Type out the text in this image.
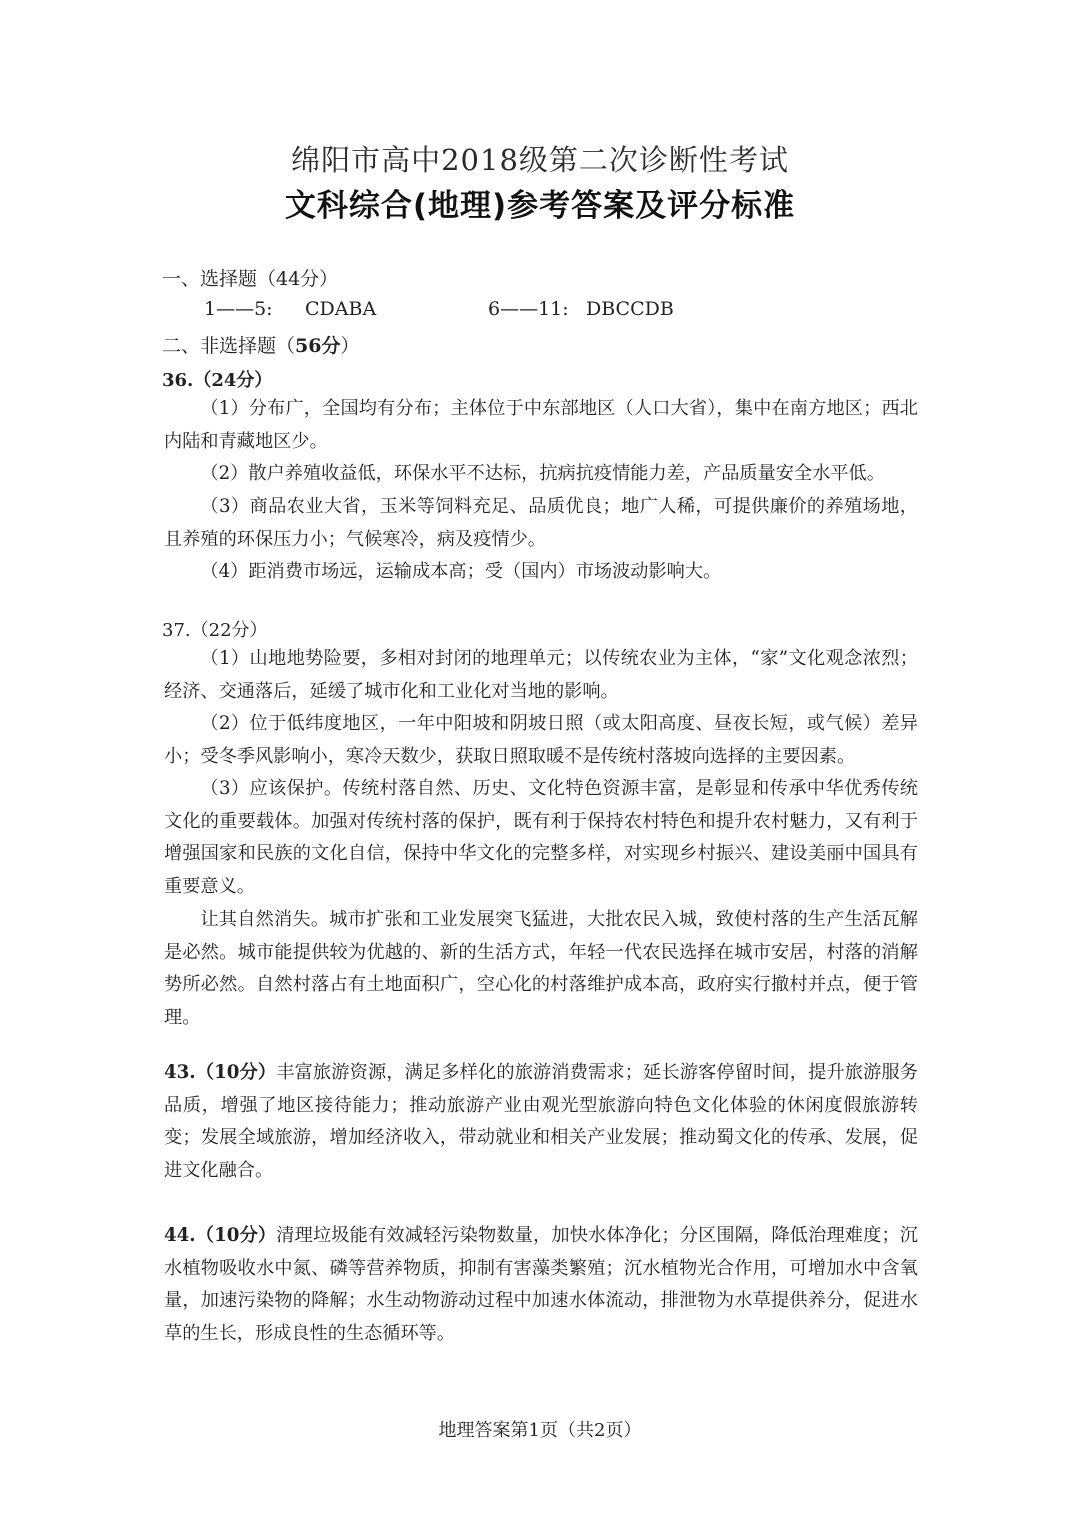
绵阳市高中2018级第二次诊断性考试
文科综合(地理)参考答案及评分标准
一、选择题（44分）
1——5: CDABA	6——11: DBCCDB
二、非选择题（56分）
36.（24分）
（1）分布广，全国均有分布；主体位于中东部地区（人口大省），集中在南方地区；西北内陆和青藏地区少。
（2）散户养殖收益低，环保水平不达标，抗病抗疫情能力差，产品质量安全水平低。
（3）商品农业大省，玉米等饲料充足、品质优良；地广人稀，可提供廉价的养殖场地，且养殖的环保压力小；气候寒冷，病及疫情少。
（4）距消费市场远，运输成本高；受（国内）市场波动影响大。
37.（22分）
（1）山地地势险要，多相对封闭的地理单元；以传统农业为主体，“家”文化观念浓烈；经济、交通落后，延缓了城市化和工业化对当地的影响。
（2）位于低纬度地区，一年中阳坡和阴坡日照（或太阳高度、昼夜长短，或气候）差异小；受冬季风影响小，寒冷天数少，获取日照取暖不是传统村落坡向选择的主要因素。
（3）应该保护。传统村落自然、历史、文化特色资源丰富，是彰显和传承中华优秀传统文化的重要载体。加强对传统村落的保护，既有利于保持农村特色和提升农村魅力，又有利于增强国家和民族的文化自信，保持中华文化的完整多样，对实现乡村振兴、建设美丽中国具有重要意义。
让其自然消失。城市扩张和工业发展突飞猛进，大批农民入城，致使村落的生产生活瓦解是必然。城市能提供较为优越的、新的生活方式，年轻一代农民选择在城市安居，村落的消解势所必然。自然村落占有土地面积广，空心化的村落维护成本高，政府实行撤村并点，便于管理。
43.（10分）丰富旅游资源，满足多样化的旅游消费需求；延长游客停留时间，提升旅游服务品质，增强了地区接待能力；推动旅游产业由观光型旅游向特色文化体验的休闲度假旅游转变；发展全域旅游，增加经济收入，带动就业和相关产业发展；推动蜀文化的传承、发展，促进文化融合。
44.（10分）清理垃圾能有效减轻污染物数量，加快水体净化；分区围隔，降低治理难度；沉水植物吸收水中氮、磷等营养物质，抑制有害藻类繁殖；沉水植物光合作用，可增加水中含氧量，加速污染物的降解；水生动物游动过程中加速水体流动，排泄物为水草提供养分，促进水草的生长，形成良性的生态循环等。
地理答案第1页（共2页）
